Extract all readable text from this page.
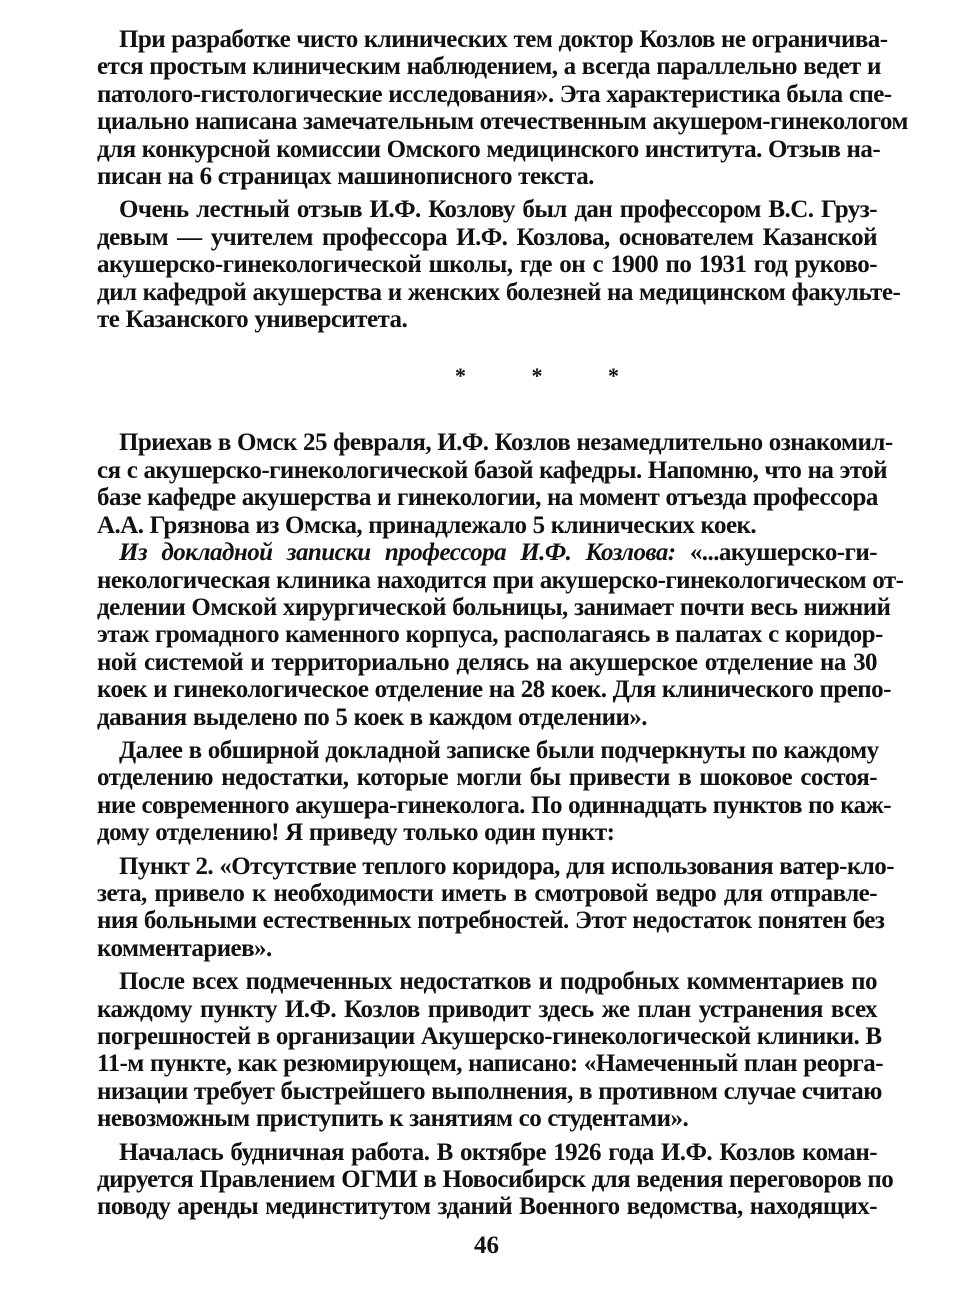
При разработке чисто клинических тем доктор Козлов не ограничива-
ется простым клиническим наблюдением, а всегда параллельно ведет и
патолого-гистологические исследования». Эта характеристика была спе-
циально написана замечательным отечественным акушером-гинекологом
для конкурсной комиссии Омского медицинского института. Отзыв на-
писан на 6 страницах машинописного текста.

Очень лестный отзыв И.Ф. Козлову был дан профессором В.С. Груз-
девым — учителем профессора И.Ф. Козлова, основателем Казанской
акушерско-гинекологической школы, где он с 1900 по 1931 год руково-
дил кафедрой акушерства и женских болезней на медицинском факульте-
те Казанского университета.

* * *

Приехав в Омск 25 февраля, И.Ф. Козлов незамедлительно ознакомил-
ся с акушерско-гинекологической базой кафедры. Напомню, что на этой
базе кафедре акушерства и гинекологии, на момент отъезда профессора
А.А. Грязнова из Омска, принадлежало 5 клинических коек.

Из докладной записки профессора И.Ф. Козлова: «...акушерско-ги-
некологическая клиника находится при акушерско-гинекологическом от-
делении Омской хирургической больницы, занимает почти весь нижний
этаж громадного каменного корпуса, располагаясь в палатах с коридор-
ной системой и территориально делясь на акушерское отделение на 30
коек и гинекологическое отделение на 28 коек. Для клинического препо-
давания выделено по 5 коек в каждом отделении».

Далее в обширной докладной записке были подчеркнуты по каждому
отделению недостатки, которые могли бы привести в шоковое состоя-
ние современного акушера-гинеколога. По одиннадцать пунктов по каж-
дому отделению! Я приведу только один пункт:

Пункт 2. «Отсутствие теплого коридора, для использования ватер-кло-
зета, привело к необходимости иметь в смотровой ведро для отправле-
ния больными естественных потребностей. Этот недостаток понятен без
комментариев».

После всех подмеченных недостатков и подробных комментариев по
каждому пункту И.Ф. Козлов приводит здесь же план устранения всех
погрешностей в организации Акушерско-гинекологической клиники. В
11-м пункте, как резюмирующем, написано: «Намеченный план реорга-
низации требует быстрейшего выполнения, в противном случае считаю
невозможным приступить к занятиям со студентами».

Началась будничная работа. В октябре 1926 года И.Ф. Козлов коман-
дируется Правлением ОГМИ в Новосибирск для ведения переговоров по
поводу аренды мединститутом зданий Военного ведомства, находящих-

46
